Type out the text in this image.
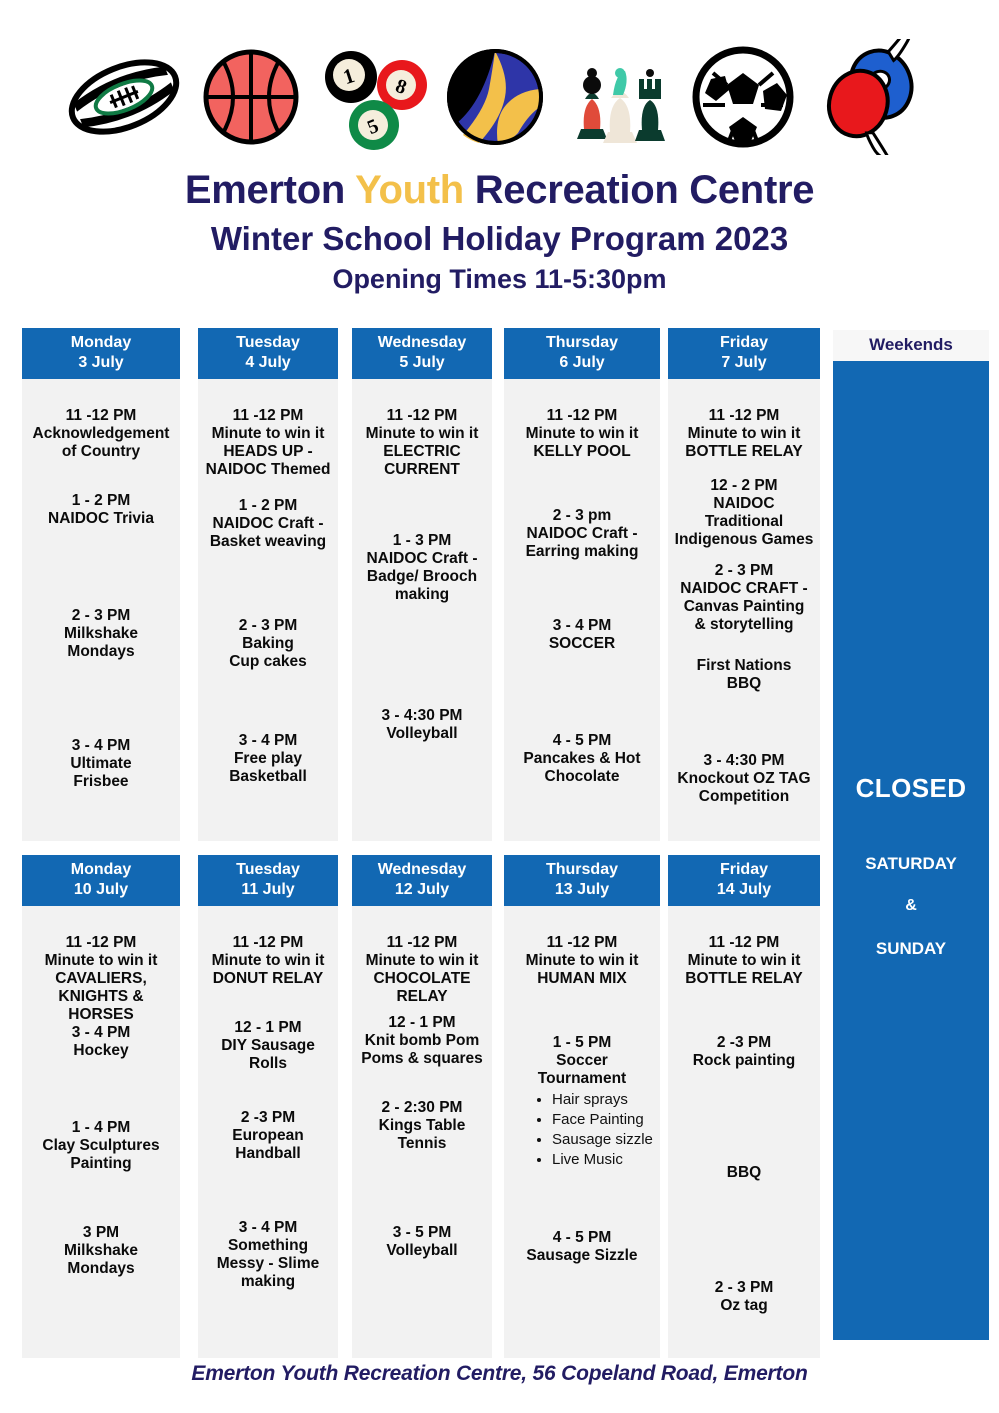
1 8
5
Emerton Youth Recreation Centre
Winter School Holiday Program 2023
Opening Times 11-5:30pm
Monday
3 July
11 -12 PM
Acknowledgement
of Country
1 - 2 PM
NAIDOC Trivia
2 - 3 PM
Milkshake
Mondays
3 - 4 PM
Ultimate
Frisbee
Tuesday
4 July
11 -12 PM
Minute to win it
HEADS UP -
NAIDOC Themed
1 - 2 PM
NAIDOC Craft -
Basket weaving
2 - 3 PM
Baking
Cup cakes
3 - 4 PM
Free play
Basketball
Wednesday
5 July
11 -12 PM
Minute to win it
ELECTRIC
CURRENT
1 - 3 PM
NAIDOC Craft -
Badge/ Brooch
making
3 - 4:30 PM
Volleyball
Thursday
6 July
11 -12 PM
Minute to win it
KELLY POOL
2 - 3 pm
NAIDOC Craft -
Earring making
3 - 4 PM
SOCCER
4 - 5 PM
Pancakes & Hot
Chocolate
Friday
7 July
11 -12 PM
Minute to win it
BOTTLE RELAY
12 - 2 PM
NAIDOC
Traditional
Indigenous Games
2 - 3 PM
NAIDOC CRAFT -
Canvas Painting
& storytelling
First Nations
BBQ
3 - 4:30 PM
Knockout OZ TAG
Competition
Monday
10 July
11 -12 PM
Minute to win it
CAVALIERS,
KNIGHTS &
HORSES
3 - 4 PM
Hockey
1 - 4 PM
Clay Sculptures
Painting
3 PM
Milkshake
Mondays
Tuesday
11 July
11 -12 PM
Minute to win it
DONUT RELAY
12 - 1 PM
DIY Sausage
Rolls
2 -3 PM
European
Handball
3 - 4 PM
Something
Messy - Slime
making
Wednesday
12 July
11 -12 PM
Minute to win it
CHOCOLATE
RELAY
12 - 1 PM
Knit bomb Pom
Poms & squares
2 - 2:30 PM
Kings Table
Tennis
3 - 5 PM
Volleyball
Thursday
13 July
11 -12 PM
Minute to win it
HUMAN MIX
1 - 5 PM
Soccer
Tournament
• Hair sprays
• Face Painting
• Sausage sizzle
• Live Music
4 - 5 PM
Sausage Sizzle
Friday
14 July
11 -12 PM
Minute to win it
BOTTLE RELAY
2 -3 PM
Rock painting
BBQ
2 - 3 PM
Oz tag
Weekends
CLOSED
SATURDAY
&
SUNDAY
Emerton Youth Recreation Centre, 56 Copeland Road, Emerton
